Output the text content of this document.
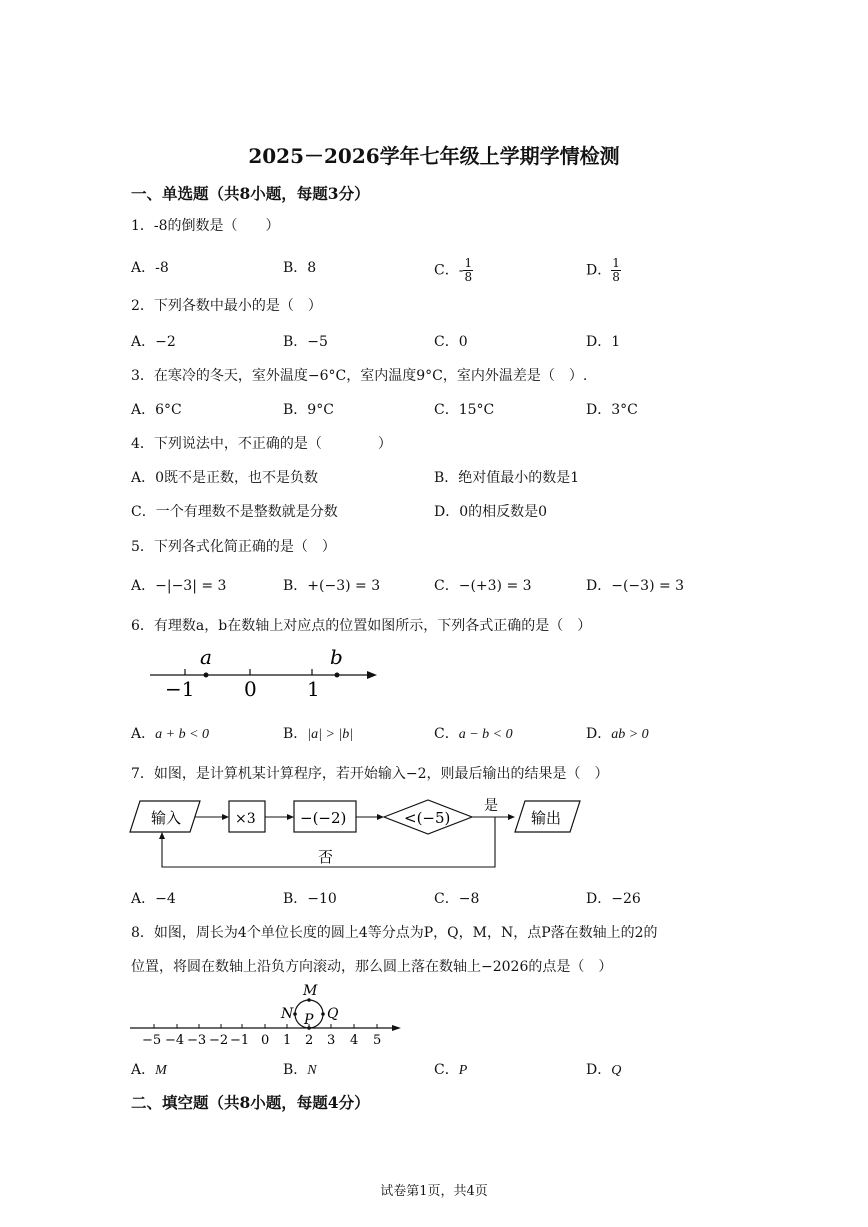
2025－2026学年七年级上学期学情检测
一、单选题（共8小题，每题3分）
1．-8的倒数是（　　）
A．-8	B．8	C．- $\frac{1}{8}$	D． $\frac{1}{8}$
2．下列各数中最小的是（　）
A．−2	B．−5	C．0	D．1
3．在寒冷的冬天，室外温度−6°C，室内温度9°C，室内外温差是（　）.
A．6°C	B．9°C	C．15°C	D．3°C
4．下列说法中，不正确的是（　　　　）
A．0既不是正数，也不是负数	B．绝对值最小的数是1
C．一个有理数不是整数就是分数	D．0的相反数是0
5．下列各式化简正确的是（　）
A．−|−3| = 3	B．+(−3) = 3	C．−(+3) = 3	D．−(−3) = 3
6．有理数a，b在数轴上对应点的位置如图所示，下列各式正确的是（　）
a	b
−1 0	1
A．a + b < 0	B．|a| > |b|	C．a − b < 0	D．ab > 0
7．如图，是计算机某计算程序，若开始输入−2，则最后输出的结果是（　）
输入	×3	−(−2)	<(−5)
是
输出
否
A．−4	B．−10	C．−8	D．−26
8．如图，周长为4个单位长度的圆上4等分点为P，Q，M，N，点P落在数轴上的2的
位置，将圆在数轴上沿负方向滚动，那么圆上落在数轴上−2026的点是（　）
M
N P Q
−5 −4 −3 −2 −1 0 1 2 3 4 5
A．M	B．N	C．P	D．Q
二、填空题（共8小题，每题4分）
试卷第1页，共4页
